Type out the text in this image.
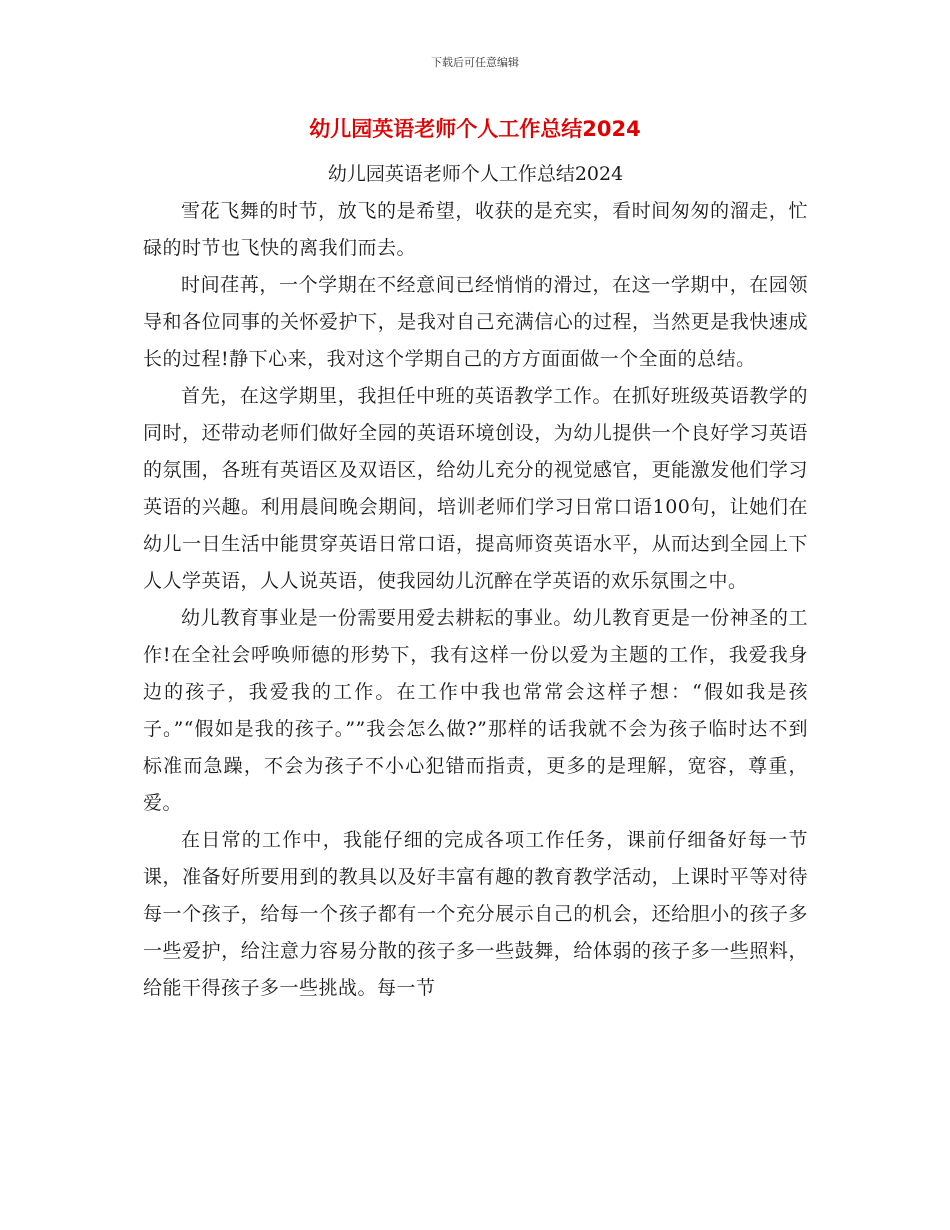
下载后可任意编辑
幼儿园英语老师个人工作总结2024

幼儿园英语老师个人工作总结2024

雪花飞舞的时节，放飞的是希望，收获的是充实，看时间匆匆的溜走，忙碌的时节也飞快的离我们而去。

时间荏苒，一个学期在不经意间已经悄悄的滑过，在这一学期中，在园领导和各位同事的关怀爱护下，是我对自己充满信心的过程，当然更是我快速成长的过程!静下心来，我对这个学期自己的方方面面做一个全面的总结。

首先，在这学期里，我担任中班的英语教学工作。在抓好班级英语教学的同时，还带动老师们做好全园的英语环境创设，为幼儿提供一个良好学习英语的氛围，各班有英语区及双语区，给幼儿充分的视觉感官，更能激发他们学习英语的兴趣。利用晨间晚会期间，培训老师们学习日常口语100句，让她们在幼儿一日生活中能贯穿英语日常口语，提高师资英语水平，从而达到全园上下人人学英语，人人说英语，使我园幼儿沉醉在学英语的欢乐氛围之中。

幼儿教育事业是一份需要用爱去耕耘的事业。幼儿教育更是一份神圣的工作!在全社会呼唤师德的形势下，我有这样一份以爱为主题的工作，我爱我身边的孩子，我爱我的工作。在工作中我也常常会这样子想：“假如我是孩子。”“假如是我的孩子。””我会怎么做?”那样的话我就不会为孩子临时达不到标准而急躁，不会为孩子不小心犯错而指责，更多的是理解，宽容，尊重，爱。

在日常的工作中，我能仔细的完成各项工作任务，课前仔细备好每一节课，准备好所要用到的教具以及好丰富有趣的教育教学活动，上课时平等对待每一个孩子，给每一个孩子都有一个充分展示自己的机会，还给胆小的孩子多一些爱护，给注意力容易分散的孩子多一些鼓舞，给体弱的孩子多一些照料，给能干得孩子多一些挑战。每一节
